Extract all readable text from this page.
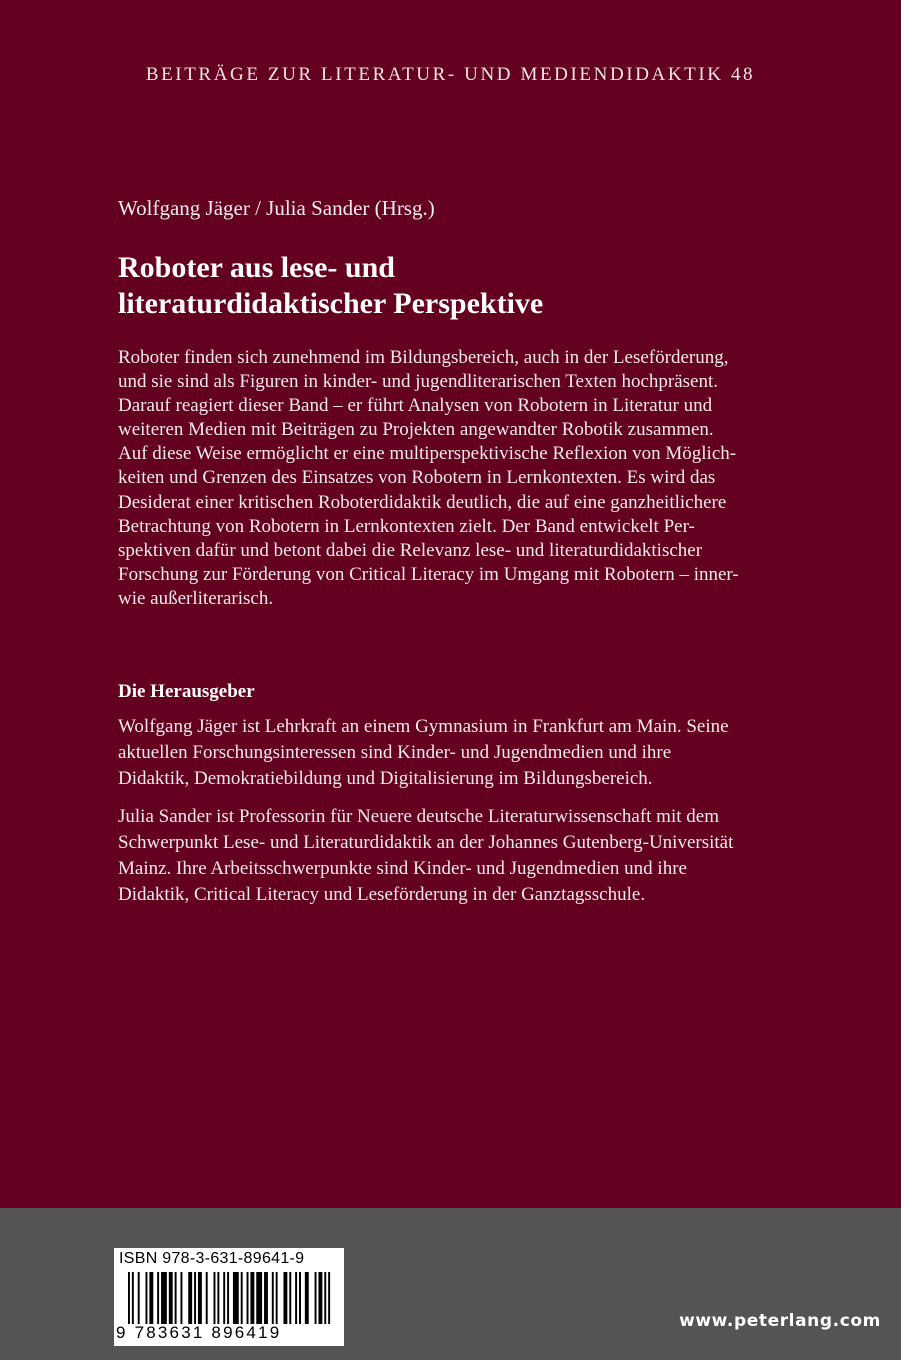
BEITRÄGE ZUR LITERATUR- UND MEDIENDIDAKTIK 48
Wolfgang Jäger / Julia Sander (Hrsg.)
Roboter aus lese- und
literaturdidaktischer Perspektive
Roboter finden sich zunehmend im Bildungsbereich, auch in der Leseförderung,
und sie sind als Figuren in kinder- und jugendliterarischen Texten hochpräsent.
Darauf reagiert dieser Band – er führt Analysen von Robotern in Literatur und
weiteren Medien mit Beiträgen zu Projekten angewandter Robotik zusammen.
Auf diese Weise ermöglicht er eine multiperspektivische Reflexion von Möglich-
keiten und Grenzen des Einsatzes von Robotern in Lernkontexten. Es wird das
Desiderat einer kritischen Roboterdidaktik deutlich, die auf eine ganzheitlichere
Betrachtung von Robotern in Lernkontexten zielt. Der Band entwickelt Per-
spektiven dafür und betont dabei die Relevanz lese- und literaturdidaktischer
Forschung zur Förderung von Critical Literacy im Umgang mit Robotern – inner-
wie außerliterarisch.
Die Herausgeber
Wolfgang Jäger ist Lehrkraft an einem Gymnasium in Frankfurt am Main. Seine
aktuellen Forschungsinteressen sind Kinder- und Jugendmedien und ihre
Didaktik, Demokratiebildung und Digitalisierung im Bildungsbereich.
Julia Sander ist Professorin für Neuere deutsche Literaturwissenschaft mit dem
Schwerpunkt Lese- und Literaturdidaktik an der Johannes Gutenberg-Universität
Mainz. Ihre Arbeitsschwerpunkte sind Kinder- und Jugendmedien und ihre
Didaktik, Critical Literacy und Leseförderung in der Ganztagsschule.
ISBN 978-3-631-89641-9
9 783631 896419
www.peterlang.com
